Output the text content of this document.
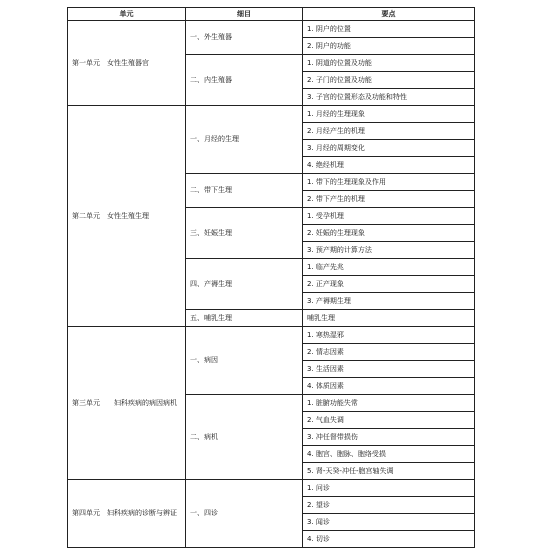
单元	细目	要点
第一单元　女性生殖器官	一、外生殖器	1. 阴户的位置
		2. 阴户的功能
	二、内生殖器	1. 阴道的位置及功能
		2. 子门的位置及功能
		3. 子宫的位置形态及功能和特性
第二单元　女性生殖生理	一、月经的生理	1. 月经的生理现象
		2. 月经产生的机理
		3. 月经的周期变化
		4. 绝经机理
	二、带下生理	1. 带下的生理现象及作用
		2. 带下产生的机理
	三、妊娠生理	1. 受孕机理
		2. 妊娠的生理现象
		3. 预产期的计算方法
	四、产褥生理	1. 临产先兆
		2. 正产现象
		3. 产褥期生理
	五、哺乳生理	哺乳生理
第三单元　　妇科疾病的病因病机	一、病因	1. 寒热湿邪
		2. 情志因素
		3. 生活因素
		4. 体质因素
	二、病机	1. 脏腑功能失常
		2. 气血失调
		3. 冲任督带损伤
		4. 胞宫、胞脉、胞络受损
		5. 肾-天癸-冲任-胞宫轴失调
第四单元　妇科疾病的诊断与辨证	一、四诊	1. 问诊
		2. 望诊
		3. 闻诊
		4. 切诊
